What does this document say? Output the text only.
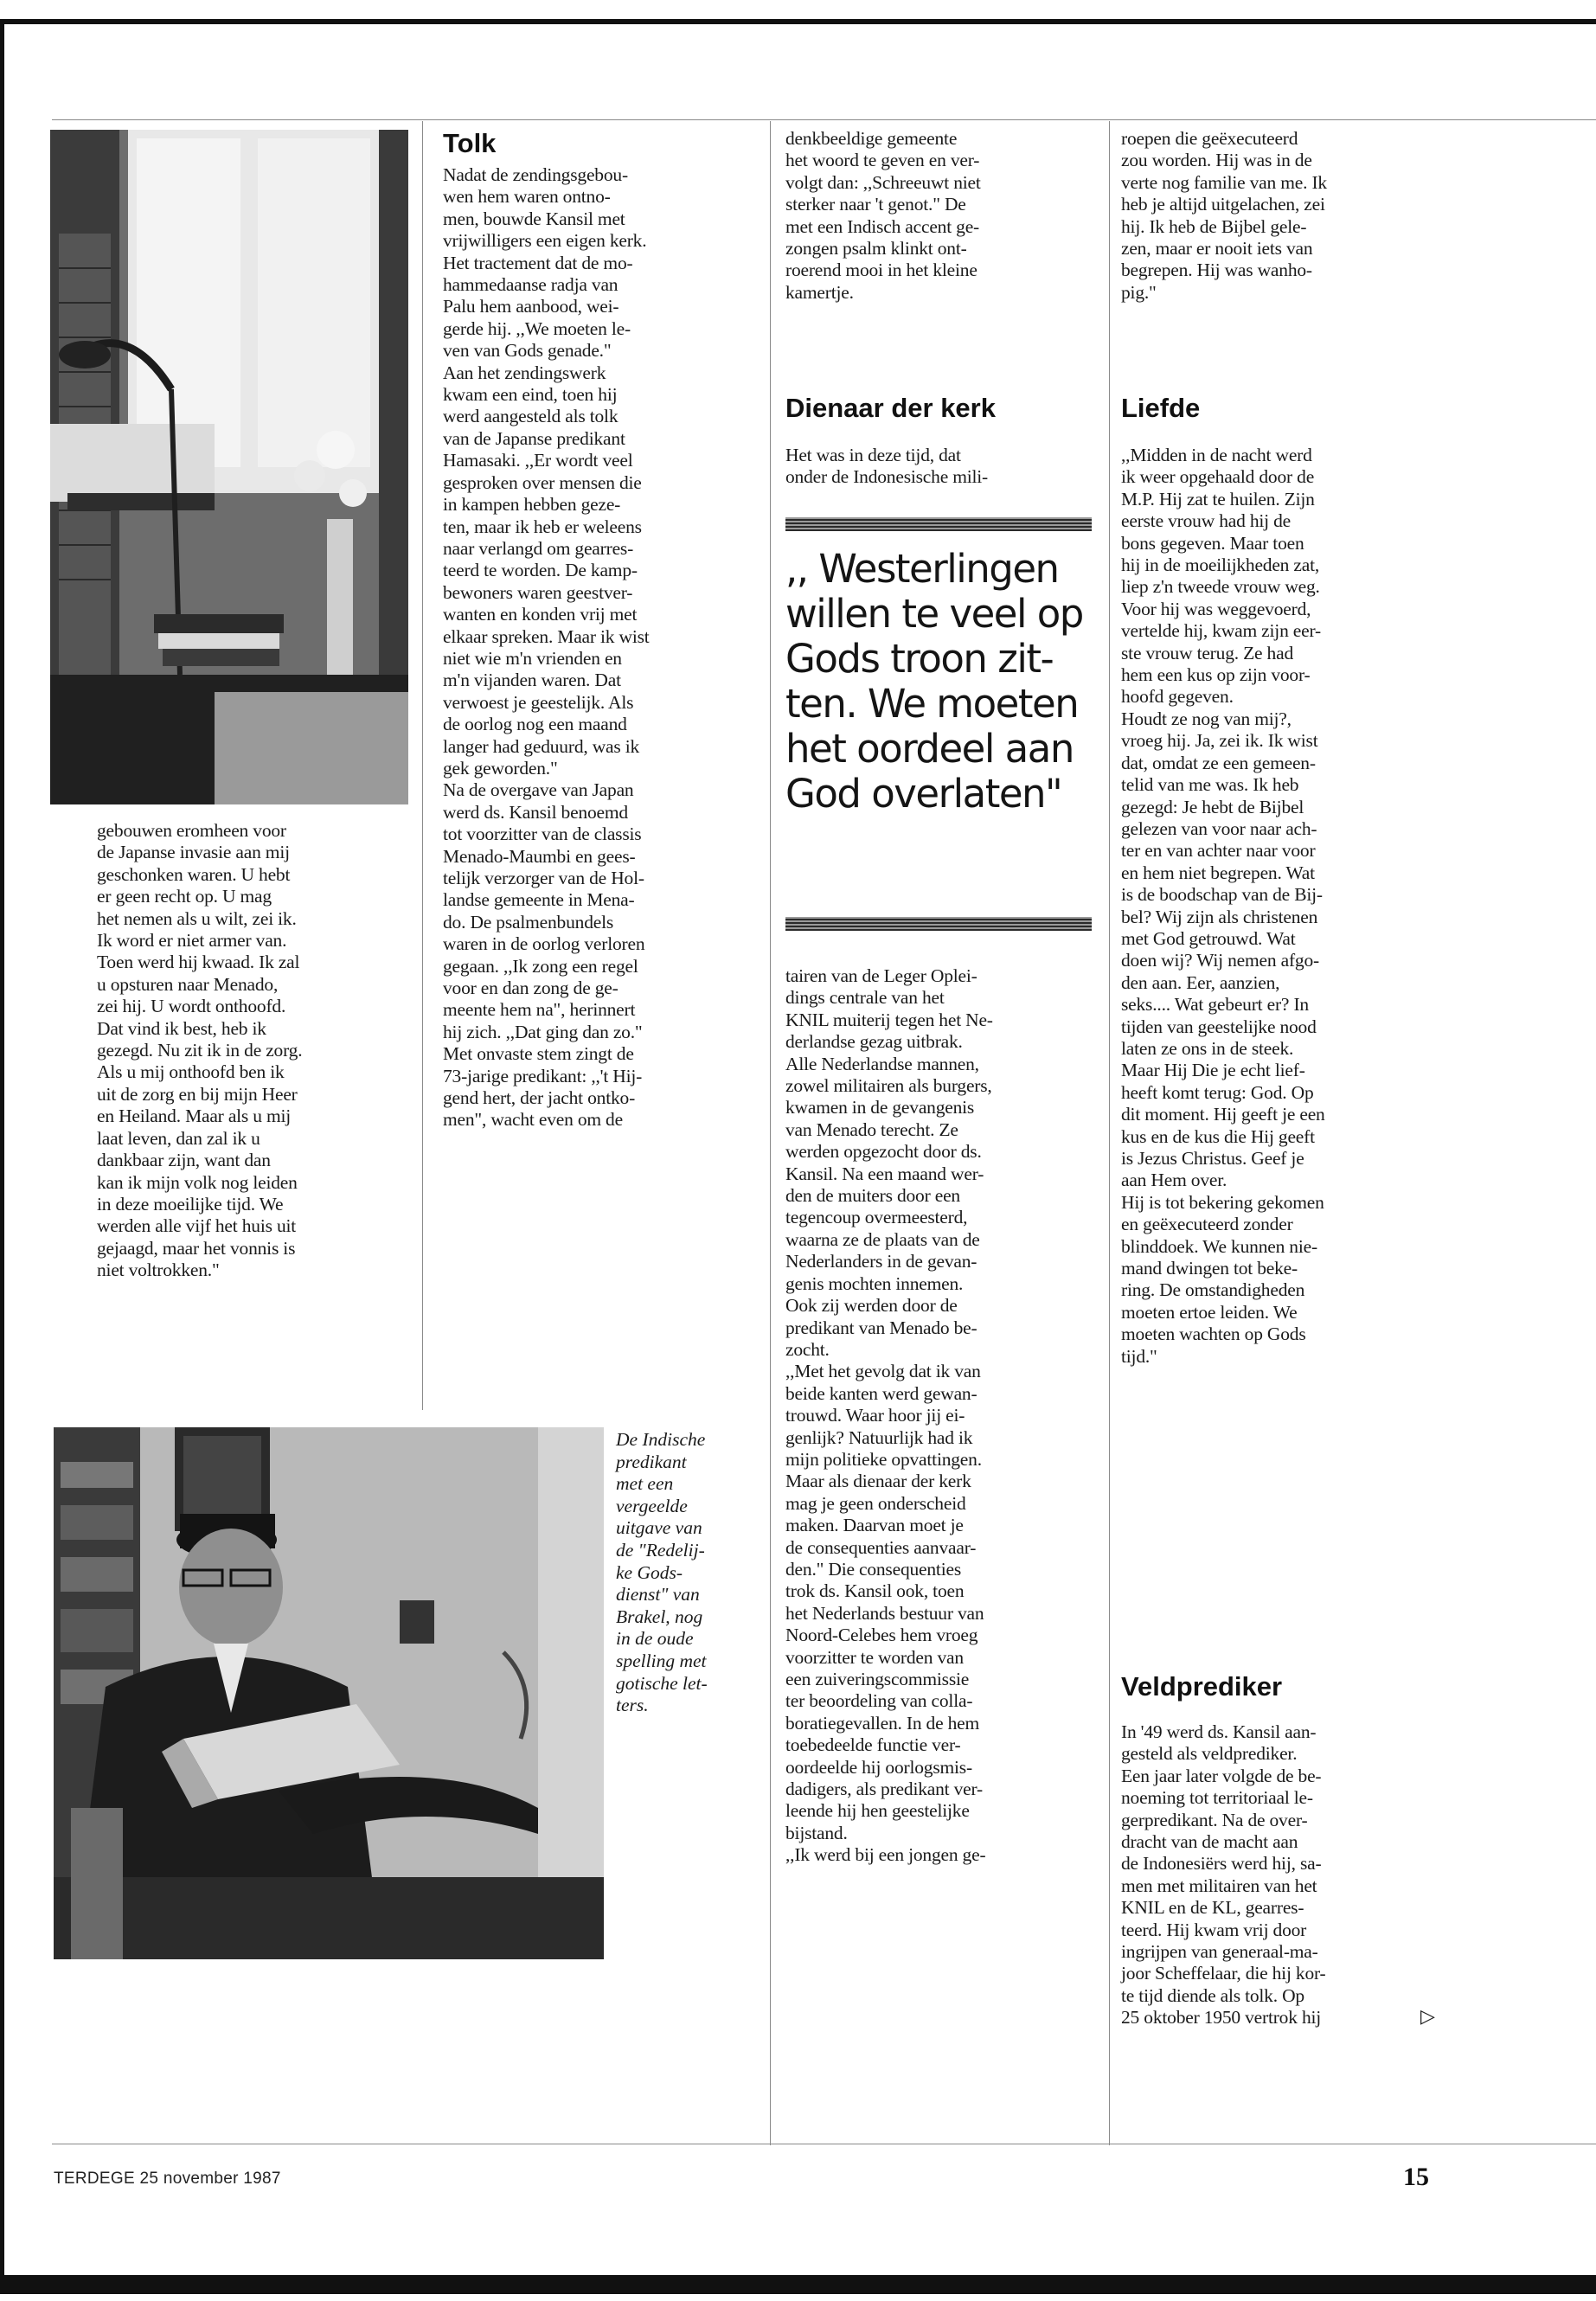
gebouwen eromheen voor
de Japanse invasie aan mij
geschonken waren. U hebt
er geen recht op. U mag
het nemen als u wilt, zei ik.
Ik word er niet armer van.
Toen werd hij kwaad. Ik zal
u opsturen naar Menado,
zei hij. U wordt onthoofd.
Dat vind ik best, heb ik
gezegd. Nu zit ik in de zorg.
Als u mij onthoofd ben ik
uit de zorg en bij mijn Heer
en Heiland. Maar als u mij
laat leven, dan zal ik u
dankbaar zijn, want dan
kan ik mijn volk nog leiden
in deze moeilijke tijd. We
werden alle vijf het huis uit
gejaagd, maar het vonnis is
niet voltrokken."
Tolk
Nadat de zendingsgebou-
wen hem waren ontno-
men, bouwde Kansil met
vrijwilligers een eigen kerk.
Het tractement dat de mo-
hammedaanse radja van
Palu hem aanbood, wei-
gerde hij. ,,We moeten le-
ven van Gods genade."
Aan het zendingswerk
kwam een eind, toen hij
werd aangesteld als tolk
van de Japanse predikant
Hamasaki. ,,Er wordt veel
gesproken over mensen die
in kampen hebben geze-
ten, maar ik heb er weleens
naar verlangd om gearres-
teerd te worden. De kamp-
bewoners waren geestver-
wanten en konden vrij met
elkaar spreken. Maar ik wist
niet wie m'n vrienden en
m'n vijanden waren. Dat
verwoest je geestelijk. Als
de oorlog nog een maand
langer had geduurd, was ik
gek geworden."
Na de overgave van Japan
werd ds. Kansil benoemd
tot voorzitter van de classis
Menado-Maumbi en gees-
telijk verzorger van de Hol-
landse gemeente in Mena-
do. De psalmenbundels
waren in de oorlog verloren
gegaan. ,,Ik zong een regel
voor en dan zong de ge-
meente hem na", herinnert
hij zich. ,,Dat ging dan zo."
Met onvaste stem zingt de
73-jarige predikant: ,,'t Hij-
gend hert, der jacht ontko-
men", wacht even om de
De Indische
predikant
met een
vergeelde
uitgave van
de "Redelij-
ke Gods-
dienst" van
Brakel, nog
in de oude
spelling met
gotische let-
ters.
denkbeeldige gemeente
het woord te geven en ver-
volgt dan: ,,Schreeuwt niet
sterker naar 't genot." De
met een Indisch accent ge-
zongen psalm klinkt ont-
roerend mooi in het kleine
kamertje.
Dienaar der kerk
Het was in deze tijd, dat
onder de Indonesische mili-
,, Westerlingen
willen te veel op
Gods troon zit-
ten. We moeten
het oordeel aan
God overlaten"
tairen van de Leger Oplei-
dings centrale van het
KNIL muiterij tegen het Ne-
derlandse gezag uitbrak.
Alle Nederlandse mannen,
zowel militairen als burgers,
kwamen in de gevangenis
van Menado terecht. Ze
werden opgezocht door ds.
Kansil. Na een maand wer-
den de muiters door een
tegencoup overmeesterd,
waarna ze de plaats van de
Nederlanders in de gevan-
genis mochten innemen.
Ook zij werden door de
predikant van Menado be-
zocht.
,,Met het gevolg dat ik van
beide kanten werd gewan-
trouwd. Waar hoor jij ei-
genlijk? Natuurlijk had ik
mijn politieke opvattingen.
Maar als dienaar der kerk
mag je geen onderscheid
maken. Daarvan moet je
de consequenties aanvaar-
den." Die consequenties
trok ds. Kansil ook, toen
het Nederlands bestuur van
Noord-Celebes hem vroeg
voorzitter te worden van
een zuiveringscommissie
ter beoordeling van colla-
boratiegevallen. In de hem
toebedeelde functie ver-
oordeelde hij oorlogsmis-
dadigers, als predikant ver-
leende hij hen geestelijke
bijstand.
,,Ik werd bij een jongen ge-
roepen die geëxecuteerd
zou worden. Hij was in de
verte nog familie van me. Ik
heb je altijd uitgelachen, zei
hij. Ik heb de Bijbel gele-
zen, maar er nooit iets van
begrepen. Hij was wanho-
pig."
Liefde
,,Midden in de nacht werd
ik weer opgehaald door de
M.P. Hij zat te huilen. Zijn
eerste vrouw had hij de
bons gegeven. Maar toen
hij in de moeilijkheden zat,
liep z'n tweede vrouw weg.
Voor hij was weggevoerd,
vertelde hij, kwam zijn eer-
ste vrouw terug. Ze had
hem een kus op zijn voor-
hoofd gegeven.
Houdt ze nog van mij?,
vroeg hij. Ja, zei ik. Ik wist
dat, omdat ze een gemeen-
telid van me was. Ik heb
gezegd: Je hebt de Bijbel
gelezen van voor naar ach-
ter en van achter naar voor
en hem niet begrepen. Wat
is de boodschap van de Bij-
bel? Wij zijn als christenen
met God getrouwd. Wat
doen wij? Wij nemen afgo-
den aan. Eer, aanzien,
seks.... Wat gebeurt er? In
tijden van geestelijke nood
laten ze ons in de steek.
Maar Hij Die je echt lief-
heeft komt terug: God. Op
dit moment. Hij geeft je een
kus en de kus die Hij geeft
is Jezus Christus. Geef je
aan Hem over.
Hij is tot bekering gekomen
en geëxecuteerd zonder
blinddoek. We kunnen nie-
mand dwingen tot beke-
ring. De omstandigheden
moeten ertoe leiden. We
moeten wachten op Gods
tijd."
Veldprediker
In '49 werd ds. Kansil aan-
gesteld als veldprediker.
Een jaar later volgde de be-
noeming tot territoriaal le-
gerpredikant. Na de over-
dracht van de macht aan
de Indonesiërs werd hij, sa-
men met militairen van het
KNIL en de KL, gearres-
teerd. Hij kwam vrij door
ingrijpen van generaal-ma-
joor Scheffelaar, die hij kor-
te tijd diende als tolk. Op
25 oktober 1950 vertrok hij	▷
TERDEGE 25 november 1987	15
